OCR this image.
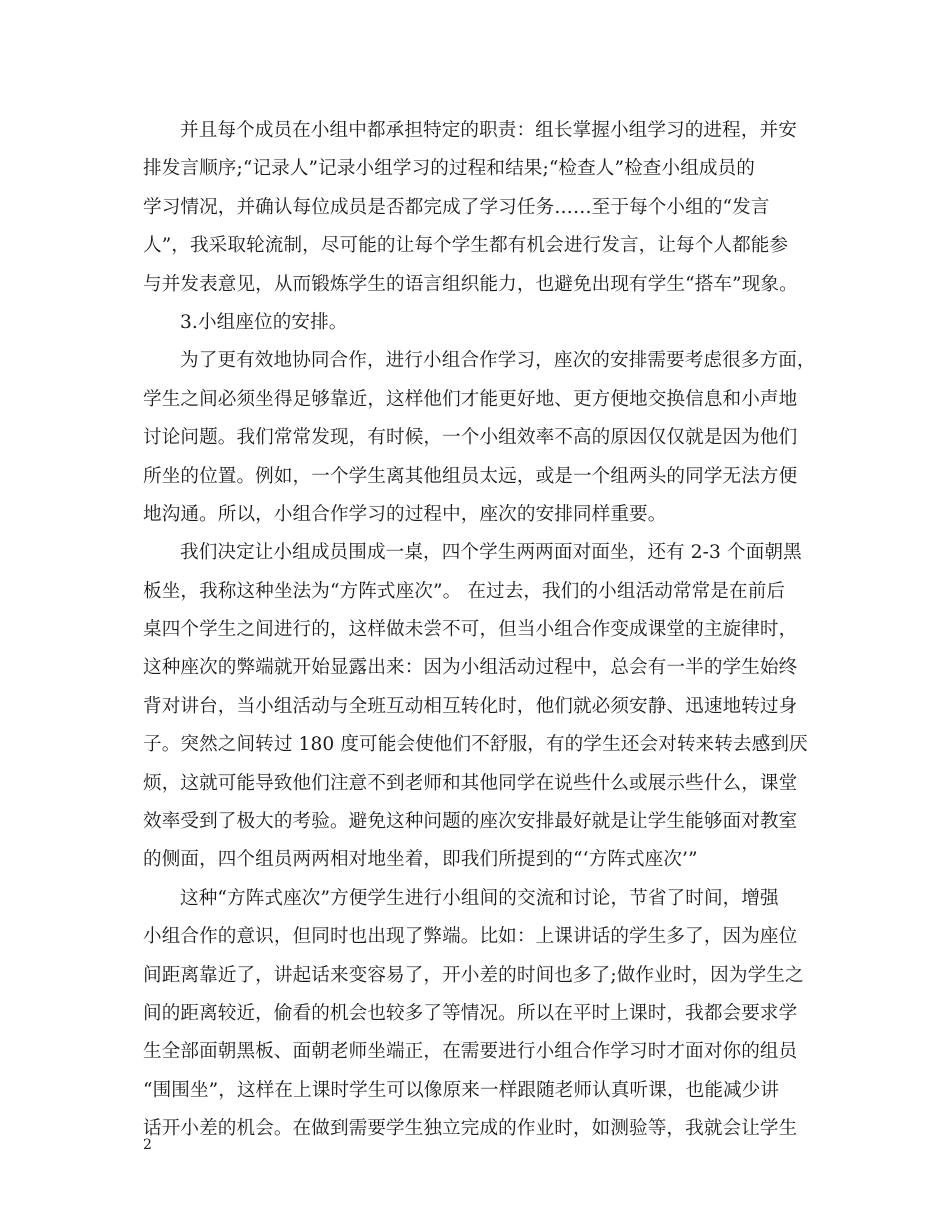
并且每个成员在小组中都承担特定的职责：组长掌握小组学习的进程，并安
排发言顺序;“记录人”记录小组学习的过程和结果;“检查人”检查小组成员的
学习情况，并确认每位成员是否都完成了学习任务……至于每个小组的“发言
人”，我采取轮流制，尽可能的让每个学生都有机会进行发言，让每个人都能参
与并发表意见，从而锻炼学生的语言组织能力，也避免出现有学生“搭车”现象。
3.小组座位的安排。
为了更有效地协同合作，进行小组合作学习，座次的安排需要考虑很多方面，
学生之间必须坐得足够靠近，这样他们才能更好地、更方便地交换信息和小声地
讨论问题。我们常常发现，有时候，一个小组效率不高的原因仅仅就是因为他们
所坐的位置。例如，一个学生离其他组员太远，或是一个组两头的同学无法方便
地沟通。所以，小组合作学习的过程中，座次的安排同样重要。
我们决定让小组成员围成一桌，四个学生两两面对面坐，还有 2-3 个面朝黑
板坐，我称这种坐法为“方阵式座次”。 在过去，我们的小组活动常常是在前后
桌四个学生之间进行的，这样做未尝不可，但当小组合作变成课堂的主旋律时，
这种座次的弊端就开始显露出来：因为小组活动过程中，总会有一半的学生始终
背对讲台，当小组活动与全班互动相互转化时，他们就必须安静、迅速地转过身
子。突然之间转过 180 度可能会使他们不舒服，有的学生还会对转来转去感到厌
烦，这就可能导致他们注意不到老师和其他同学在说些什么或展示些什么，课堂
效率受到了极大的考验。避免这种问题的座次安排最好就是让学生能够面对教室
的侧面，四个组员两两相对地坐着，即我们所提到的“‘方阵式座次’”
这种“方阵式座次”方便学生进行小组间的交流和讨论，节省了时间，增强
小组合作的意识，但同时也出现了弊端。比如：上课讲话的学生多了，因为座位
间距离靠近了，讲起话来变容易了，开小差的时间也多了;做作业时，因为学生之
间的距离较近，偷看的机会也较多了等情况。所以在平时上课时，我都会要求学
生全部面朝黑板、面朝老师坐端正，在需要进行小组合作学习时才面对你的组员
“围围坐”，这样在上课时学生可以像原来一样跟随老师认真听课，也能减少讲
话开小差的机会。在做到需要学生独立完成的作业时，如测验等，我就会让学生
2
